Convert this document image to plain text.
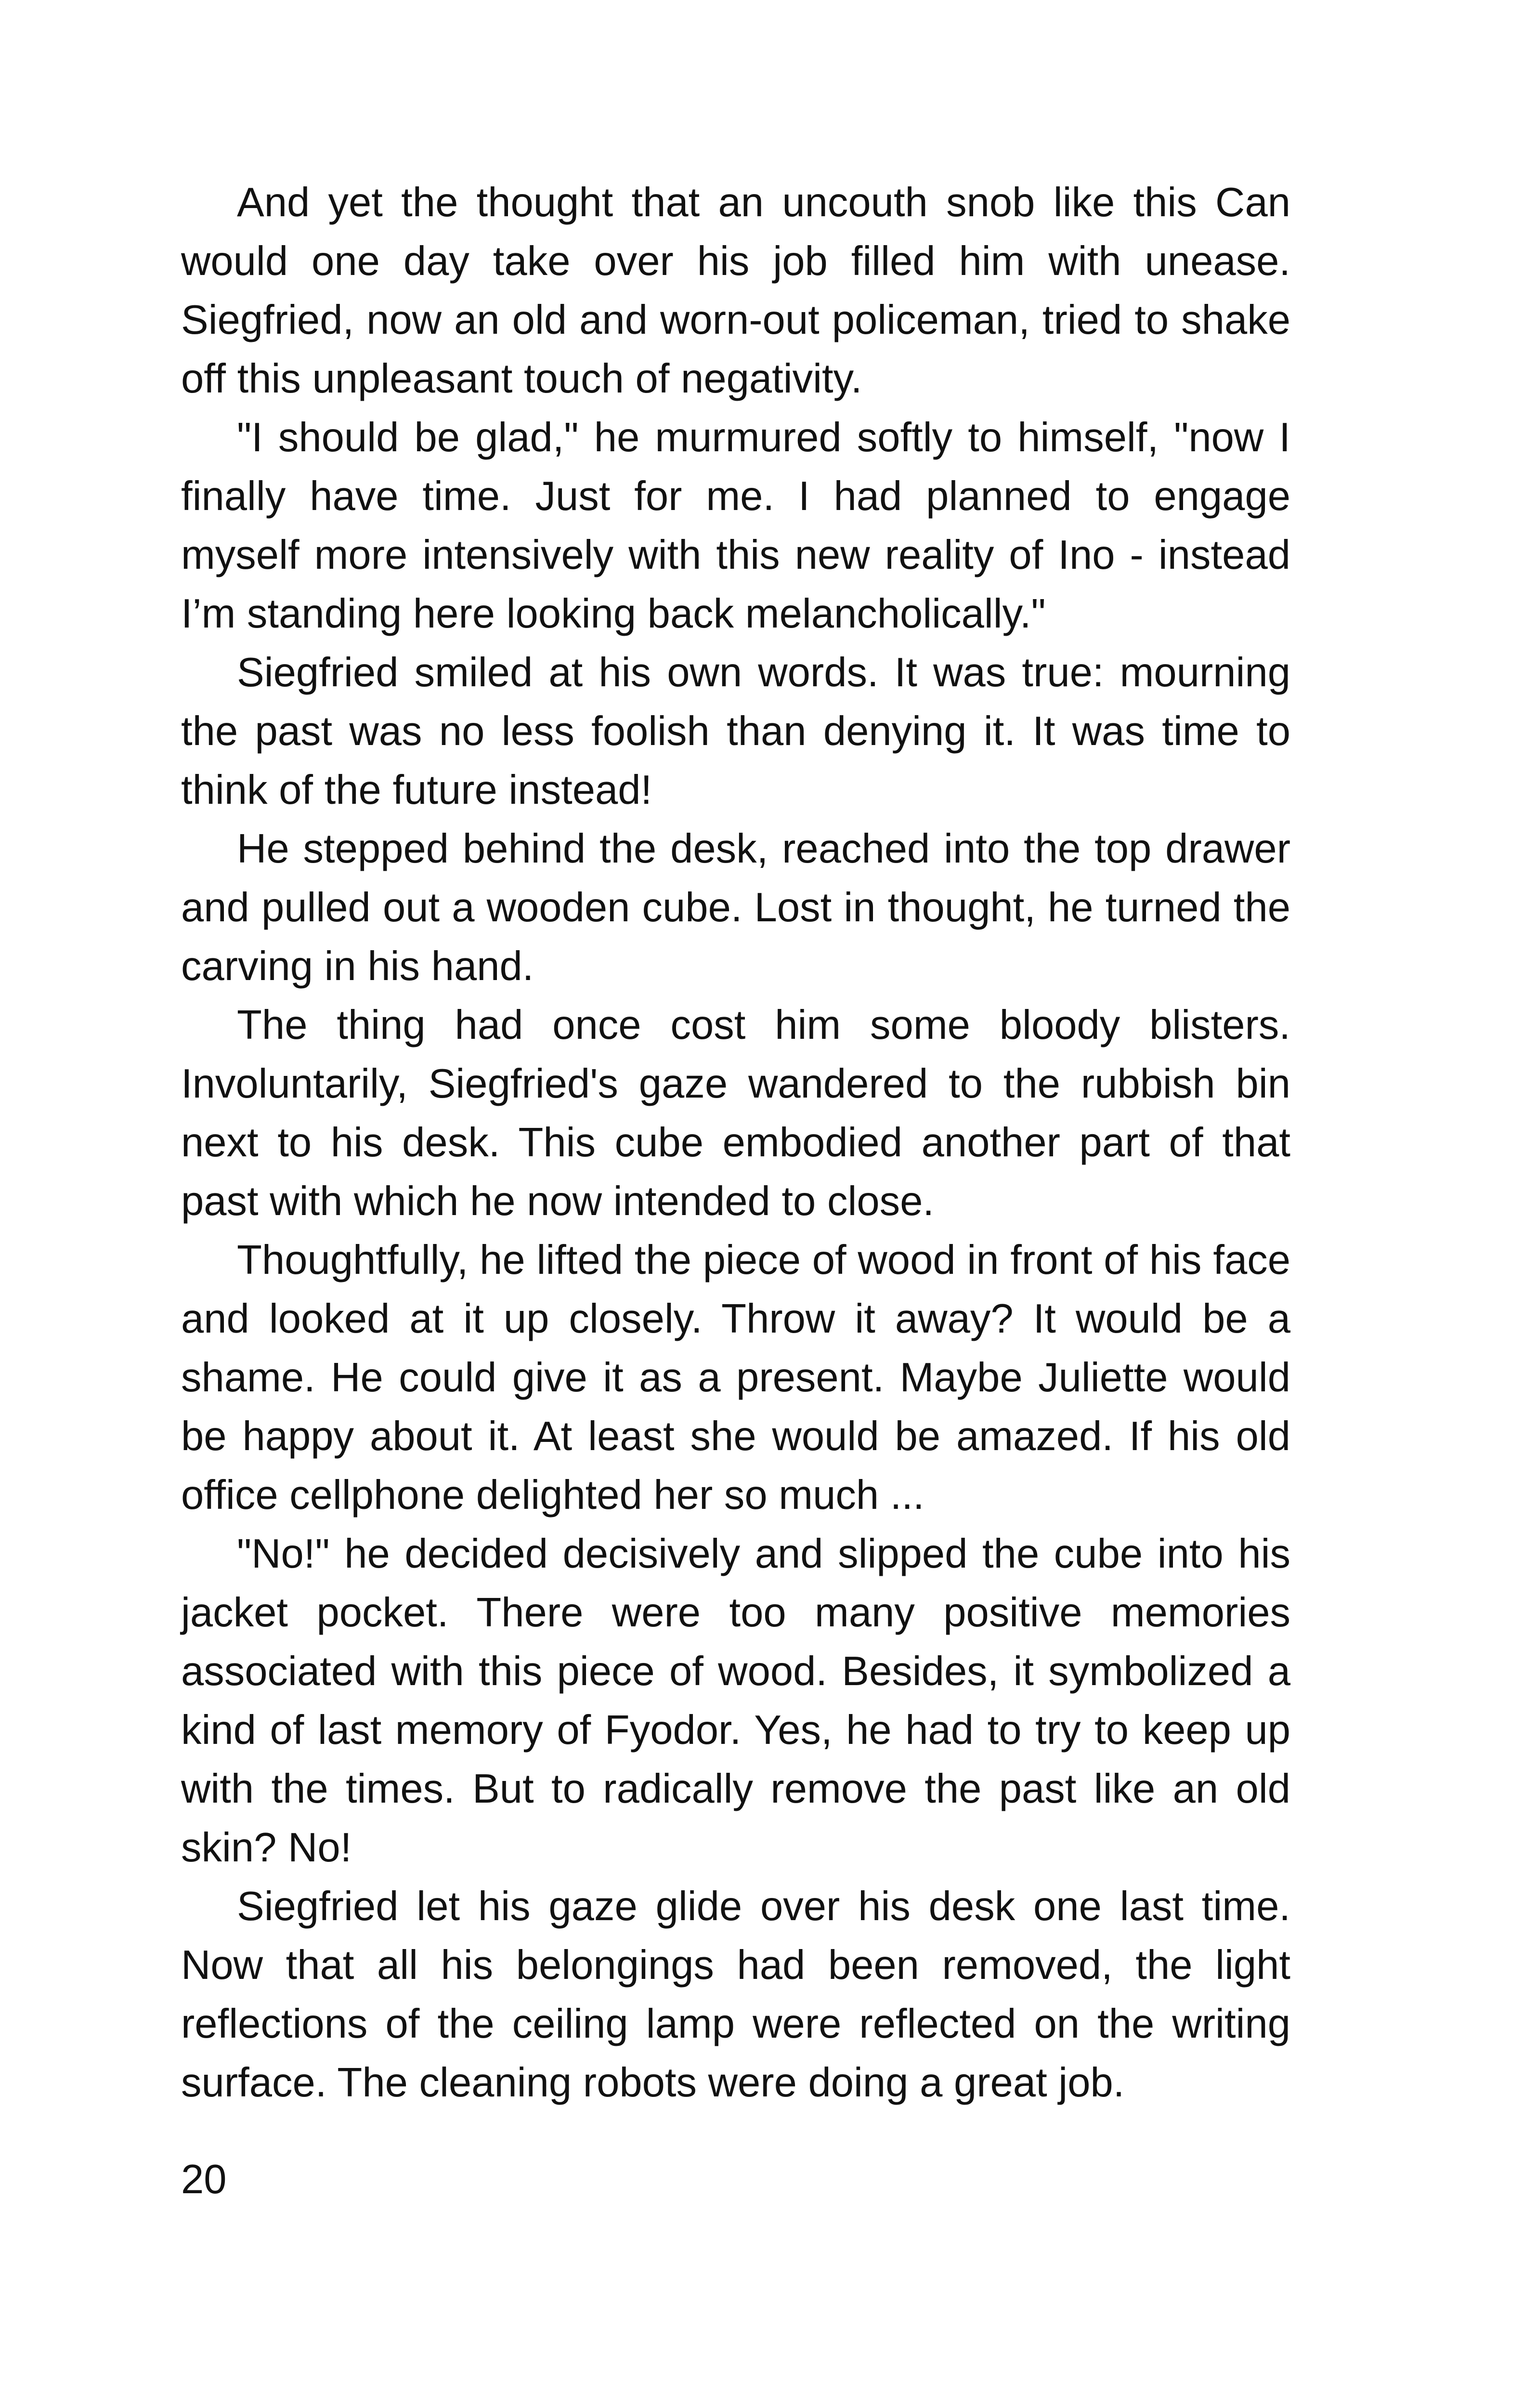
And yet the thought that an uncouth snob like this Can would one day take over his job filled him with unease. Siegfried, now an old and worn-out policeman, tried to shake off this unpleasant touch of negativity.

"I should be glad," he murmured softly to himself, "now I finally have time. Just for me. I had planned to engage myself more intensively with this new reality of Ino - instead I’m standing here looking back melancholically."

Siegfried smiled at his own words. It was true: mourning the past was no less foolish than denying it. It was time to think of the future instead!

He stepped behind the desk, reached into the top drawer and pulled out a wooden cube. Lost in thought, he turned the carving in his hand.

The thing had once cost him some bloody blisters. Involuntarily, Siegfried's gaze wandered to the rubbish bin next to his desk. This cube embodied another part of that past with which he now intended to close.

Thoughtfully, he lifted the piece of wood in front of his face and looked at it up closely. Throw it away? It would be a shame. He could give it as a present. Maybe Juliette would be happy about it. At least she would be amazed. If his old office cellphone delighted her so much ...

"No!" he decided decisively and slipped the cube into his jacket pocket. There were too many positive memories associated with this piece of wood. Besides, it symbolized a kind of last memory of Fyodor. Yes, he had to try to keep up with the times. But to radically remove the past like an old skin? No!

Siegfried let his gaze glide over his desk one last time. Now that all his belongings had been removed, the light reflections of the ceiling lamp were reflected on the writing surface. The cleaning robots were doing a great job.

20
